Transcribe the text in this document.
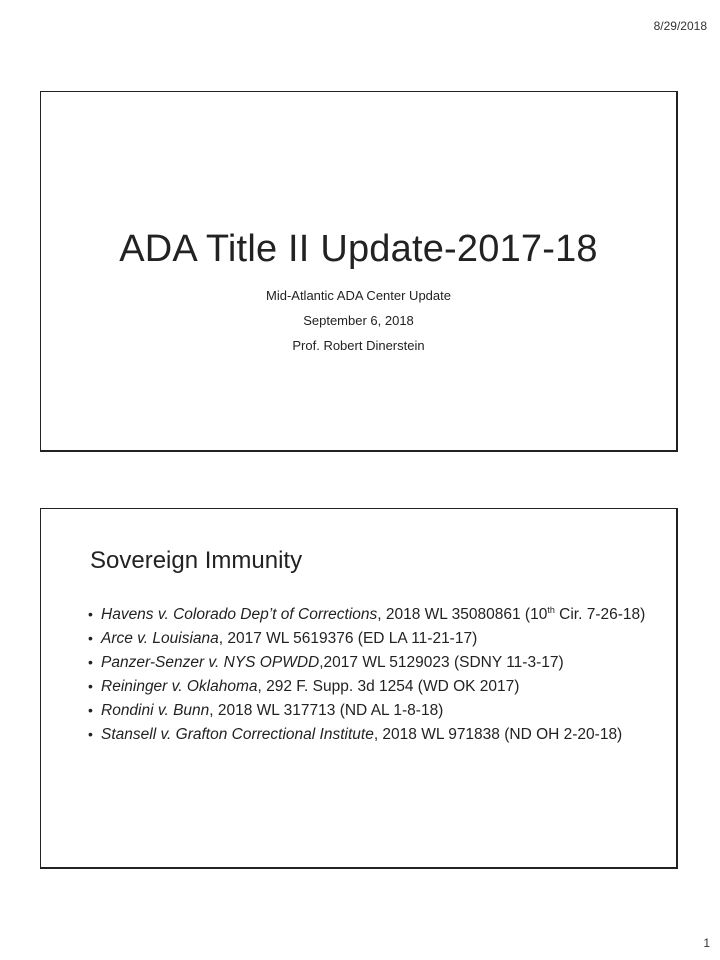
8/29/2018
ADA Title II Update-2017-18

Mid-Atlantic ADA Center Update

September 6, 2018

Prof. Robert Dinerstein

Sovereign Immunity
• Havens v. Colorado Dep’t of Corrections, 2018 WL 35080861 (10th Cir. 7-26-18)
• Arce v. Louisiana, 2017 WL 5619376 (ED LA 11-21-17)
• Panzer-Senzer v. NYS OPWDD,2017 WL 5129023 (SDNY 11-3-17)
• Reininger v. Oklahoma, 292 F. Supp. 3d 1254 (WD OK 2017)
• Rondini v. Bunn, 2018 WL 317713 (ND AL 1-8-18)
• Stansell v. Grafton Correctional Institute, 2018 WL 971838 (ND OH 2-20-18)
1
